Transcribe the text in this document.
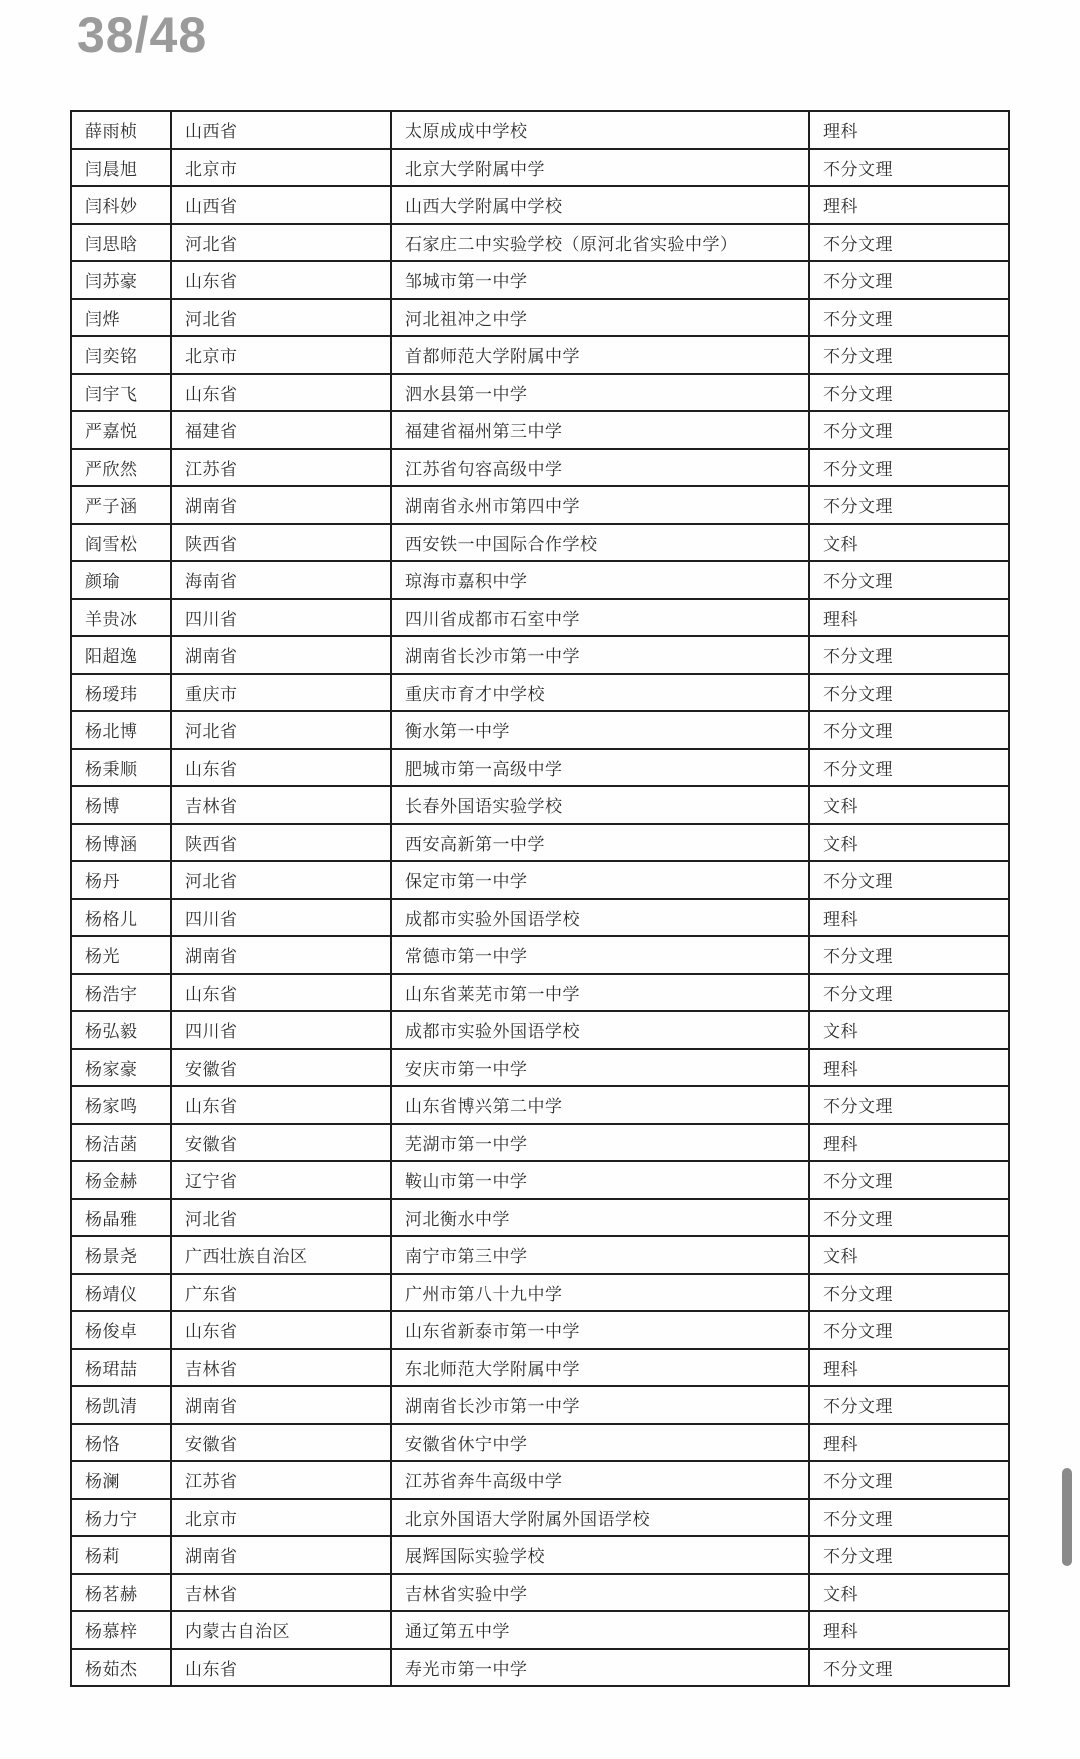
38/48
薛雨桢	山西省	太原成成中学校	理科
闫晨旭	北京市	北京大学附属中学	不分文理
闫科妙	山西省	山西大学附属中学校	理科
闫思晗	河北省	石家庄二中实验学校（原河北省实验中学）	不分文理
闫苏豪	山东省	邹城市第一中学	不分文理
闫烨	河北省	河北祖冲之中学	不分文理
闫奕铭	北京市	首都师范大学附属中学	不分文理
闫宇飞	山东省	泗水县第一中学	不分文理
严嘉悦	福建省	福建省福州第三中学	不分文理
严欣然	江苏省	江苏省句容高级中学	不分文理
严子涵	湖南省	湖南省永州市第四中学	不分文理
阎雪松	陕西省	西安铁一中国际合作学校	文科
颜瑜	海南省	琼海市嘉积中学	不分文理
羊贵冰	四川省	四川省成都市石室中学	理科
阳超逸	湖南省	湖南省长沙市第一中学	不分文理
杨瑷玮	重庆市	重庆市育才中学校	不分文理
杨北博	河北省	衡水第一中学	不分文理
杨秉顺	山东省	肥城市第一高级中学	不分文理
杨博	吉林省	长春外国语实验学校	文科
杨博涵	陕西省	西安高新第一中学	文科
杨丹	河北省	保定市第一中学	不分文理
杨格儿	四川省	成都市实验外国语学校	理科
杨光	湖南省	常德市第一中学	不分文理
杨浩宇	山东省	山东省莱芜市第一中学	不分文理
杨弘毅	四川省	成都市实验外国语学校	文科
杨家豪	安徽省	安庆市第一中学	理科
杨家鸣	山东省	山东省博兴第二中学	不分文理
杨洁菡	安徽省	芜湖市第一中学	理科
杨金赫	辽宁省	鞍山市第一中学	不分文理
杨晶雅	河北省	河北衡水中学	不分文理
杨景尧	广西壮族自治区	南宁市第三中学	文科
杨靖仪	广东省	广州市第八十九中学	不分文理
杨俊卓	山东省	山东省新泰市第一中学	不分文理
杨珺喆	吉林省	东北师范大学附属中学	理科
杨凯清	湖南省	湖南省长沙市第一中学	不分文理
杨恪	安徽省	安徽省休宁中学	理科
杨澜	江苏省	江苏省奔牛高级中学	不分文理
杨力宁	北京市	北京外国语大学附属外国语学校	不分文理
杨莉	湖南省	展辉国际实验学校	不分文理
杨茗赫	吉林省	吉林省实验中学	文科
杨慕梓	内蒙古自治区	通辽第五中学	理科
杨茹杰	山东省	寿光市第一中学	不分文理
